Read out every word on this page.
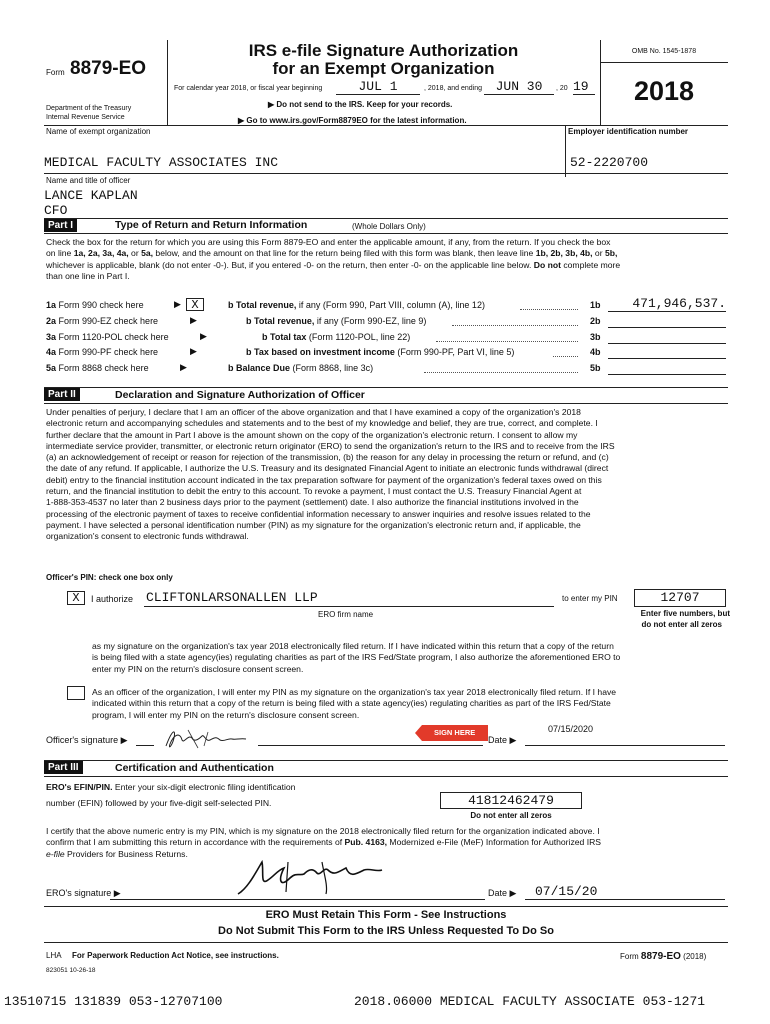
Form 8879-EO
Department of the Treasury
Internal Revenue Service
IRS e-file Signature Authorization
for an Exempt Organization
For calendar year 2018, or fiscal year beginning	JUL 1	, 2018, and ending	JUN 30	, 20 19
▶ Do not send to the IRS. Keep for your records.
▶ Go to www.irs.gov/Form8879EO for the latest information.
OMB No. 1545-1878
2018
Name of exempt organization	Employer identification number
MEDICAL FACULTY ASSOCIATES INC	52-2220700
Name and title of officer
LANCE KAPLAN
CFO
Part I	Type of Return and Return Information	(Whole Dollars Only)
Check the box for the return for which you are using this Form 8879-EO and enter the applicable amount, if any, from the return. If you check the box
on line 1a, 2a, 3a, 4a, or 5a, below, and the amount on that line for the return being filed with this form was blank, then leave line 1b, 2b, 3b, 4b, or 5b,
whichever is applicable, blank (do not enter -0-). But, if you entered -0- on the return, then enter -0- on the applicable line below. Do not complete more
than one line in Part I.
1a Form 990 check here	▶ X	b Total revenue, if any (Form 990, Part VIII, column (A), line 12)	1b	471,946,537.
2a Form 990-EZ check here	▶	b Total revenue, if any (Form 990-EZ, line 9)	2b
3a Form 1120-POL check here	▶	b Total tax (Form 1120-POL, line 22)	3b
4a Form 990-PF check here	▶	b Tax based on investment income (Form 990-PF, Part VI, line 5)	4b
5a Form 8868 check here	▶	b Balance Due (Form 8868, line 3c)	5b
Part II	Declaration and Signature Authorization of Officer
Under penalties of perjury, I declare that I am an officer of the above organization and that I have examined a copy of the organization's 2018
electronic return and accompanying schedules and statements and to the best of my knowledge and belief, they are true, correct, and complete. I
further declare that the amount in Part I above is the amount shown on the copy of the organization's electronic return. I consent to allow my
intermediate service provider, transmitter, or electronic return originator (ERO) to send the organization's return to the IRS and to receive from the IRS
(a) an acknowledgement of receipt or reason for rejection of the transmission, (b) the reason for any delay in processing the return or refund, and (c)
the date of any refund. If applicable, I authorize the U.S. Treasury and its designated Financial Agent to initiate an electronic funds withdrawal (direct
debit) entry to the financial institution account indicated in the tax preparation software for payment of the organization's federal taxes owed on this
return, and the financial institution to debit the entry to this account. To revoke a payment, I must contact the U.S. Treasury Financial Agent at
1-888-353-4537 no later than 2 business days prior to the payment (settlement) date. I also authorize the financial institutions involved in the
processing of the electronic payment of taxes to receive confidential information necessary to answer inquiries and resolve issues related to the
payment. I have selected a personal identification number (PIN) as my signature for the organization's electronic return and, if applicable, the
organization's consent to electronic funds withdrawal.
Officer's PIN: check one box only
X	I authorize CLIFTONLARSONALLEN LLP
ERO firm name
to enter my PIN	12707
Enter five numbers, but
do not enter all zeros
as my signature on the organization's tax year 2018 electronically filed return. If I have indicated within this return that a copy of the return
is being filed with a state agency(ies) regulating charities as part of the IRS Fed/State program, I also authorize the aforementioned ERO to
enter my PIN on the return's disclosure consent screen.
As an officer of the organization, I will enter my PIN as my signature on the organization's tax year 2018 electronically filed return. If I have
indicated within this return that a copy of the return is being filed with a state agency(ies) regulating charities as part of the IRS Fed/State
program, I will enter my PIN on the return's disclosure consent screen.
Officer's signature ▶
SIGN HERE
Date ▶
07/15/2020
Part III	Certification and Authentication
ERO's EFIN/PIN. Enter your six-digit electronic filing identification
number (EFIN) followed by your five-digit self-selected PIN.	41812462479
Do not enter all zeros
I certify that the above numeric entry is my PIN, which is my signature on the 2018 electronically filed return for the organization indicated above. I
confirm that I am submitting this return in accordance with the requirements of Pub. 4163, Modernized e-File (MeF) Information for Authorized IRS
e-file Providers for Business Returns.
ERO's signature ▶	Date ▶ 07/15/20
ERO Must Retain This Form - See Instructions
Do Not Submit This Form to the IRS Unless Requested To Do So
LHA For Paperwork Reduction Act Notice, see instructions.	Form 8879-EO (2018)
823051 10-26-18
13510715 131839 053-12707100	2018.06000 MEDICAL FACULTY ASSOCIATE 053-1271
